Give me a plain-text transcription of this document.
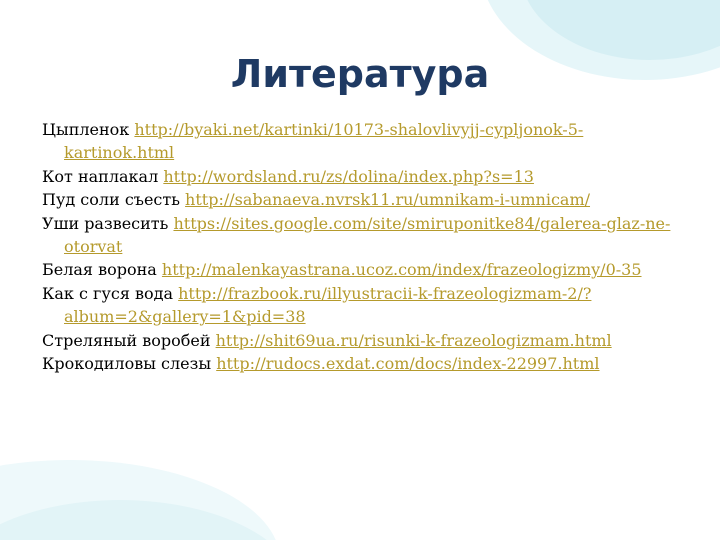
Литература
Цыпленок http://byaki.net/kartinki/10173-shalovlivyjj-cypljonok-5-kartinok.html
Кот наплакал http://wordsland.ru/zs/dolina/index.php?s=13
Пуд соли съесть http://sabanaeva.nvrsk11.ru/umnikam-i-umnicam/
Уши развесить https://sites.google.com/site/smiruponitke84/galerea-glaz-ne-otorvat
Белая ворона http://malenkayastrana.ucoz.com/index/frazeologizmy/0-35
Как с гуся вода http://frazbook.ru/illyustracii-k-frazeologizmam-2/?album=2&gallery=1&pid=38
Стреляный воробей http://shit69ua.ru/risunki-k-frazeologizmam.html
Крокодиловы слезы http://rudocs.exdat.com/docs/index-22997.html
